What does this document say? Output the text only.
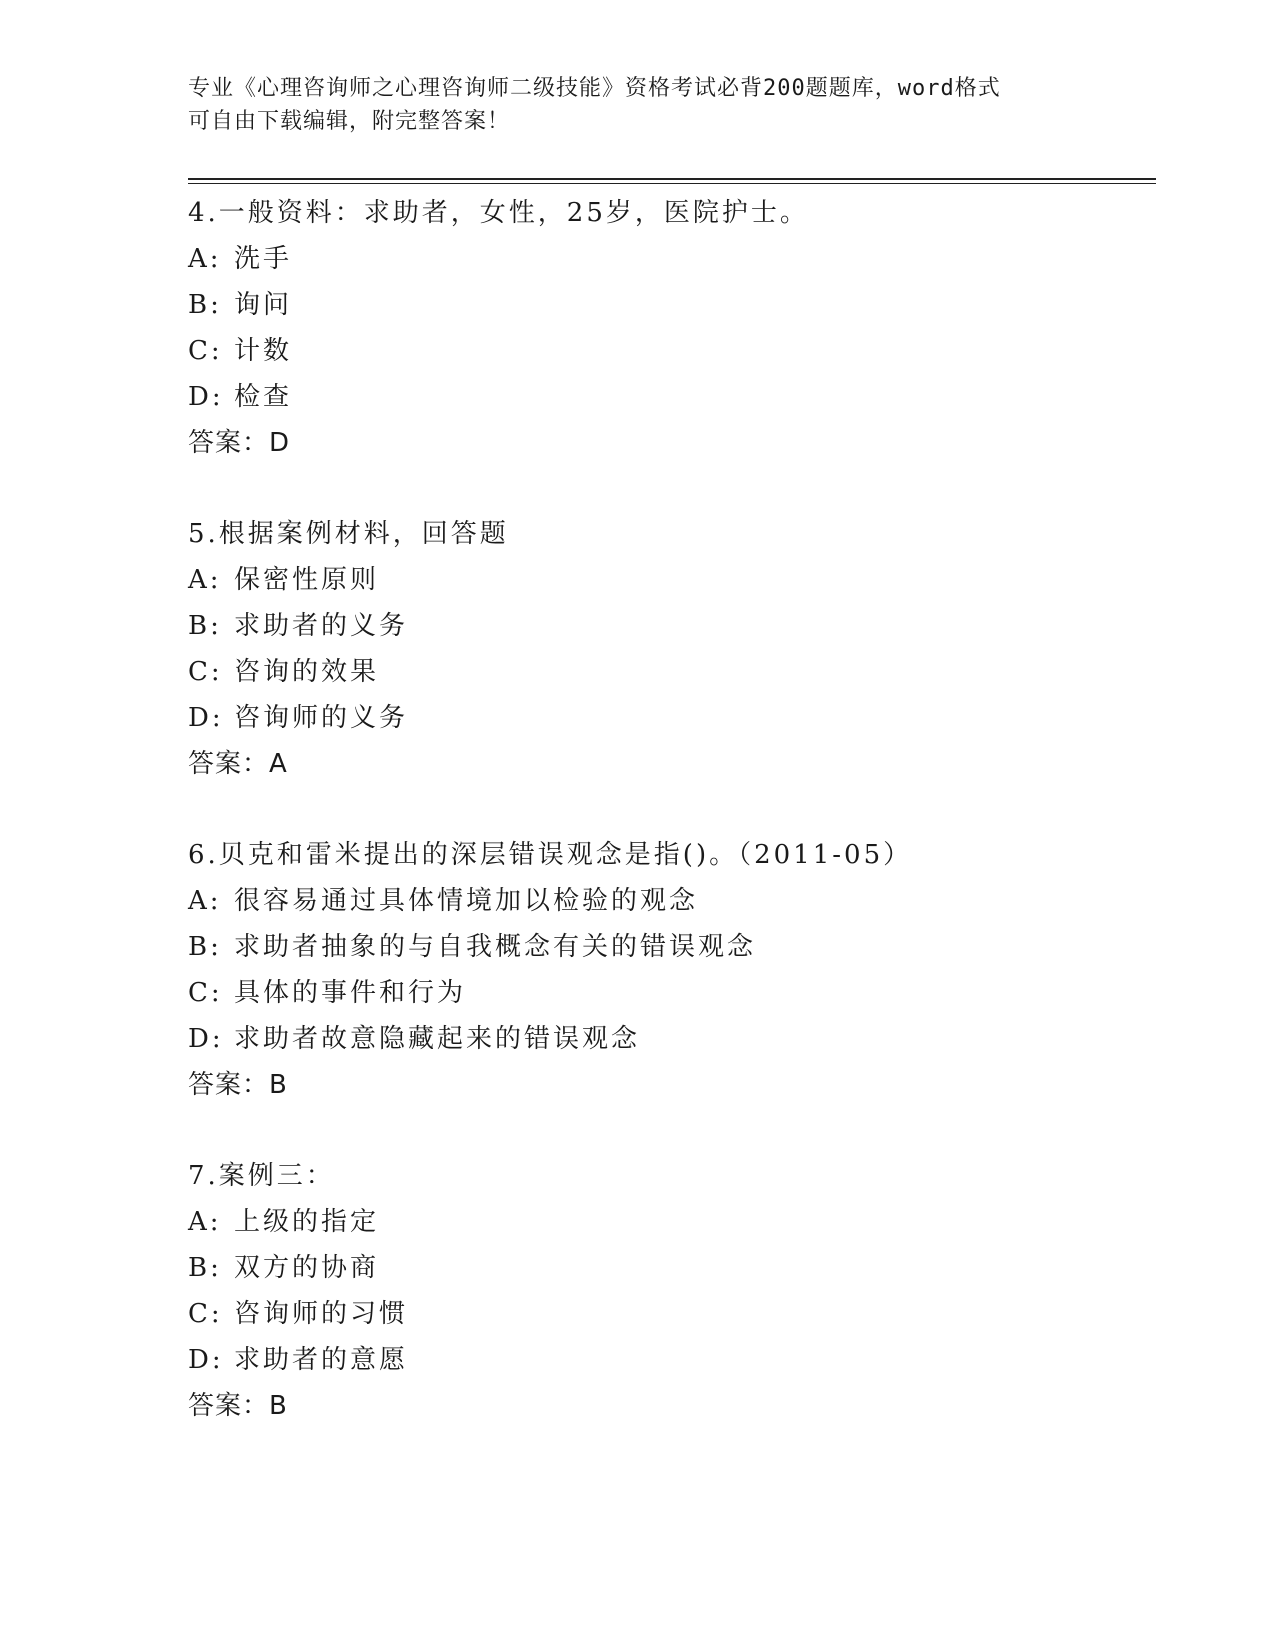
专业《心理咨询师之心理咨询师二级技能》资格考试必背200题题库，word格式
可自由下载编辑，附完整答案！
4.一般资料：求助者，女性，25岁，医院护士。
A: 洗手
B: 询问
C: 计数
D: 检查
答案：D
5.根据案例材料，回答题
A: 保密性原则
B: 求助者的义务
C: 咨询的效果
D: 咨询师的义务
答案：A
6.贝克和雷米提出的深层错误观念是指()。（2011-05）
A: 很容易通过具体情境加以检验的观念
B: 求助者抽象的与自我概念有关的错误观念
C: 具体的事件和行为
D: 求助者故意隐藏起来的错误观念
答案：B
7.案例三：
A: 上级的指定
B: 双方的协商
C: 咨询师的习惯
D: 求助者的意愿
答案：B
